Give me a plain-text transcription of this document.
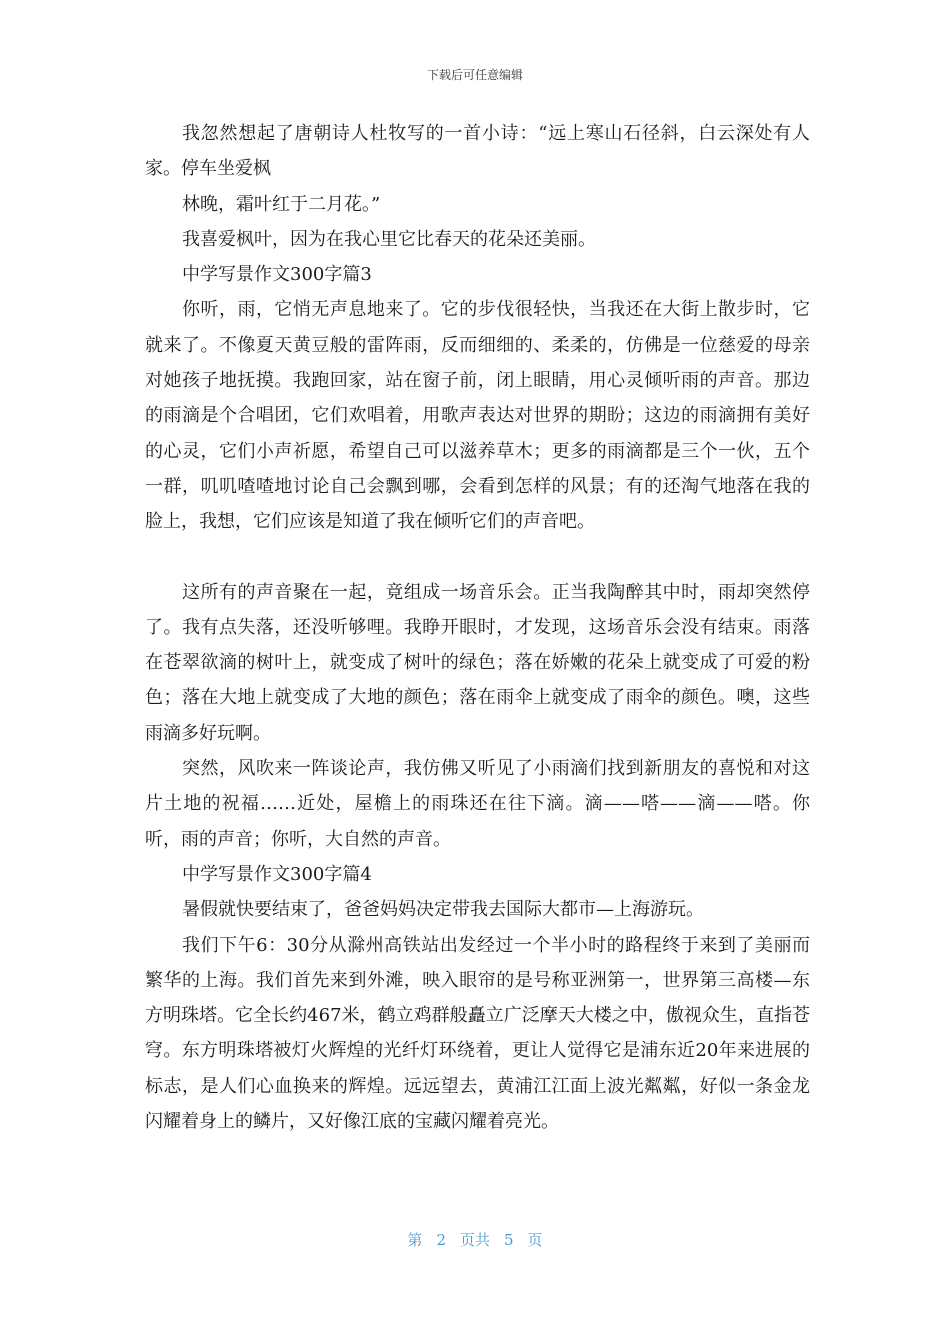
下载后可任意编辑

我忽然想起了唐朝诗人杜牧写的一首小诗：“远上寒山石径斜，白云深处有人家。停车坐爱枫

林晚，霜叶红于二月花。”

我喜爱枫叶，因为在我心里它比春天的花朵还美丽。

中学写景作文300字篇3

你听，雨，它悄无声息地来了。它的步伐很轻快，当我还在大街上散步时，它就来了。不像夏天黄豆般的雷阵雨，反而细细的、柔柔的，仿佛是一位慈爱的母亲对她孩子地抚摸。我跑回家，站在窗子前，闭上眼睛，用心灵倾听雨的声音。那边的雨滴是个合唱团，它们欢唱着，用歌声表达对世界的期盼；这边的雨滴拥有美好的心灵，它们小声祈愿，希望自己可以滋养草木；更多的雨滴都是三个一伙，五个一群，叽叽喳喳地讨论自己会飘到哪，会看到怎样的风景；有的还淘气地落在我的脸上，我想，它们应该是知道了我在倾听它们的声音吧。

这所有的声音聚在一起，竟组成一场音乐会。正当我陶醉其中时，雨却突然停了。我有点失落，还没听够哩。我睁开眼时，才发现，这场音乐会没有结束。雨落在苍翠欲滴的树叶上，就变成了树叶的绿色；落在娇嫩的花朵上就变成了可爱的粉色；落在大地上就变成了大地的颜色；落在雨伞上就变成了雨伞的颜色。噢，这些雨滴多好玩啊。

突然，风吹来一阵谈论声，我仿佛又听见了小雨滴们找到新朋友的喜悦和对这片土地的祝福……近处，屋檐上的雨珠还在往下滴。滴——嗒——滴——嗒。你听，雨的声音；你听，大自然的声音。

中学写景作文300字篇4

暑假就快要结束了，爸爸妈妈决定带我去国际大都市—上海游玩。

我们下午6：30分从滁州高铁站出发经过一个半小时的路程终于来到了美丽而繁华的上海。我们首先来到外滩，映入眼帘的是号称亚洲第一，世界第三高楼—东方明珠塔。它全长约467米，鹤立鸡群般矗立广泛摩天大楼之中，傲视众生，直指苍穹。东方明珠塔被灯火辉煌的光纤灯环绕着，更让人觉得它是浦东近20年来进展的标志，是人们心血换来的辉煌。远远望去，黄浦江江面上波光粼粼，好似一条金龙闪耀着身上的鳞片，又好像江底的宝藏闪耀着亮光。

第 2 页共 5 页
